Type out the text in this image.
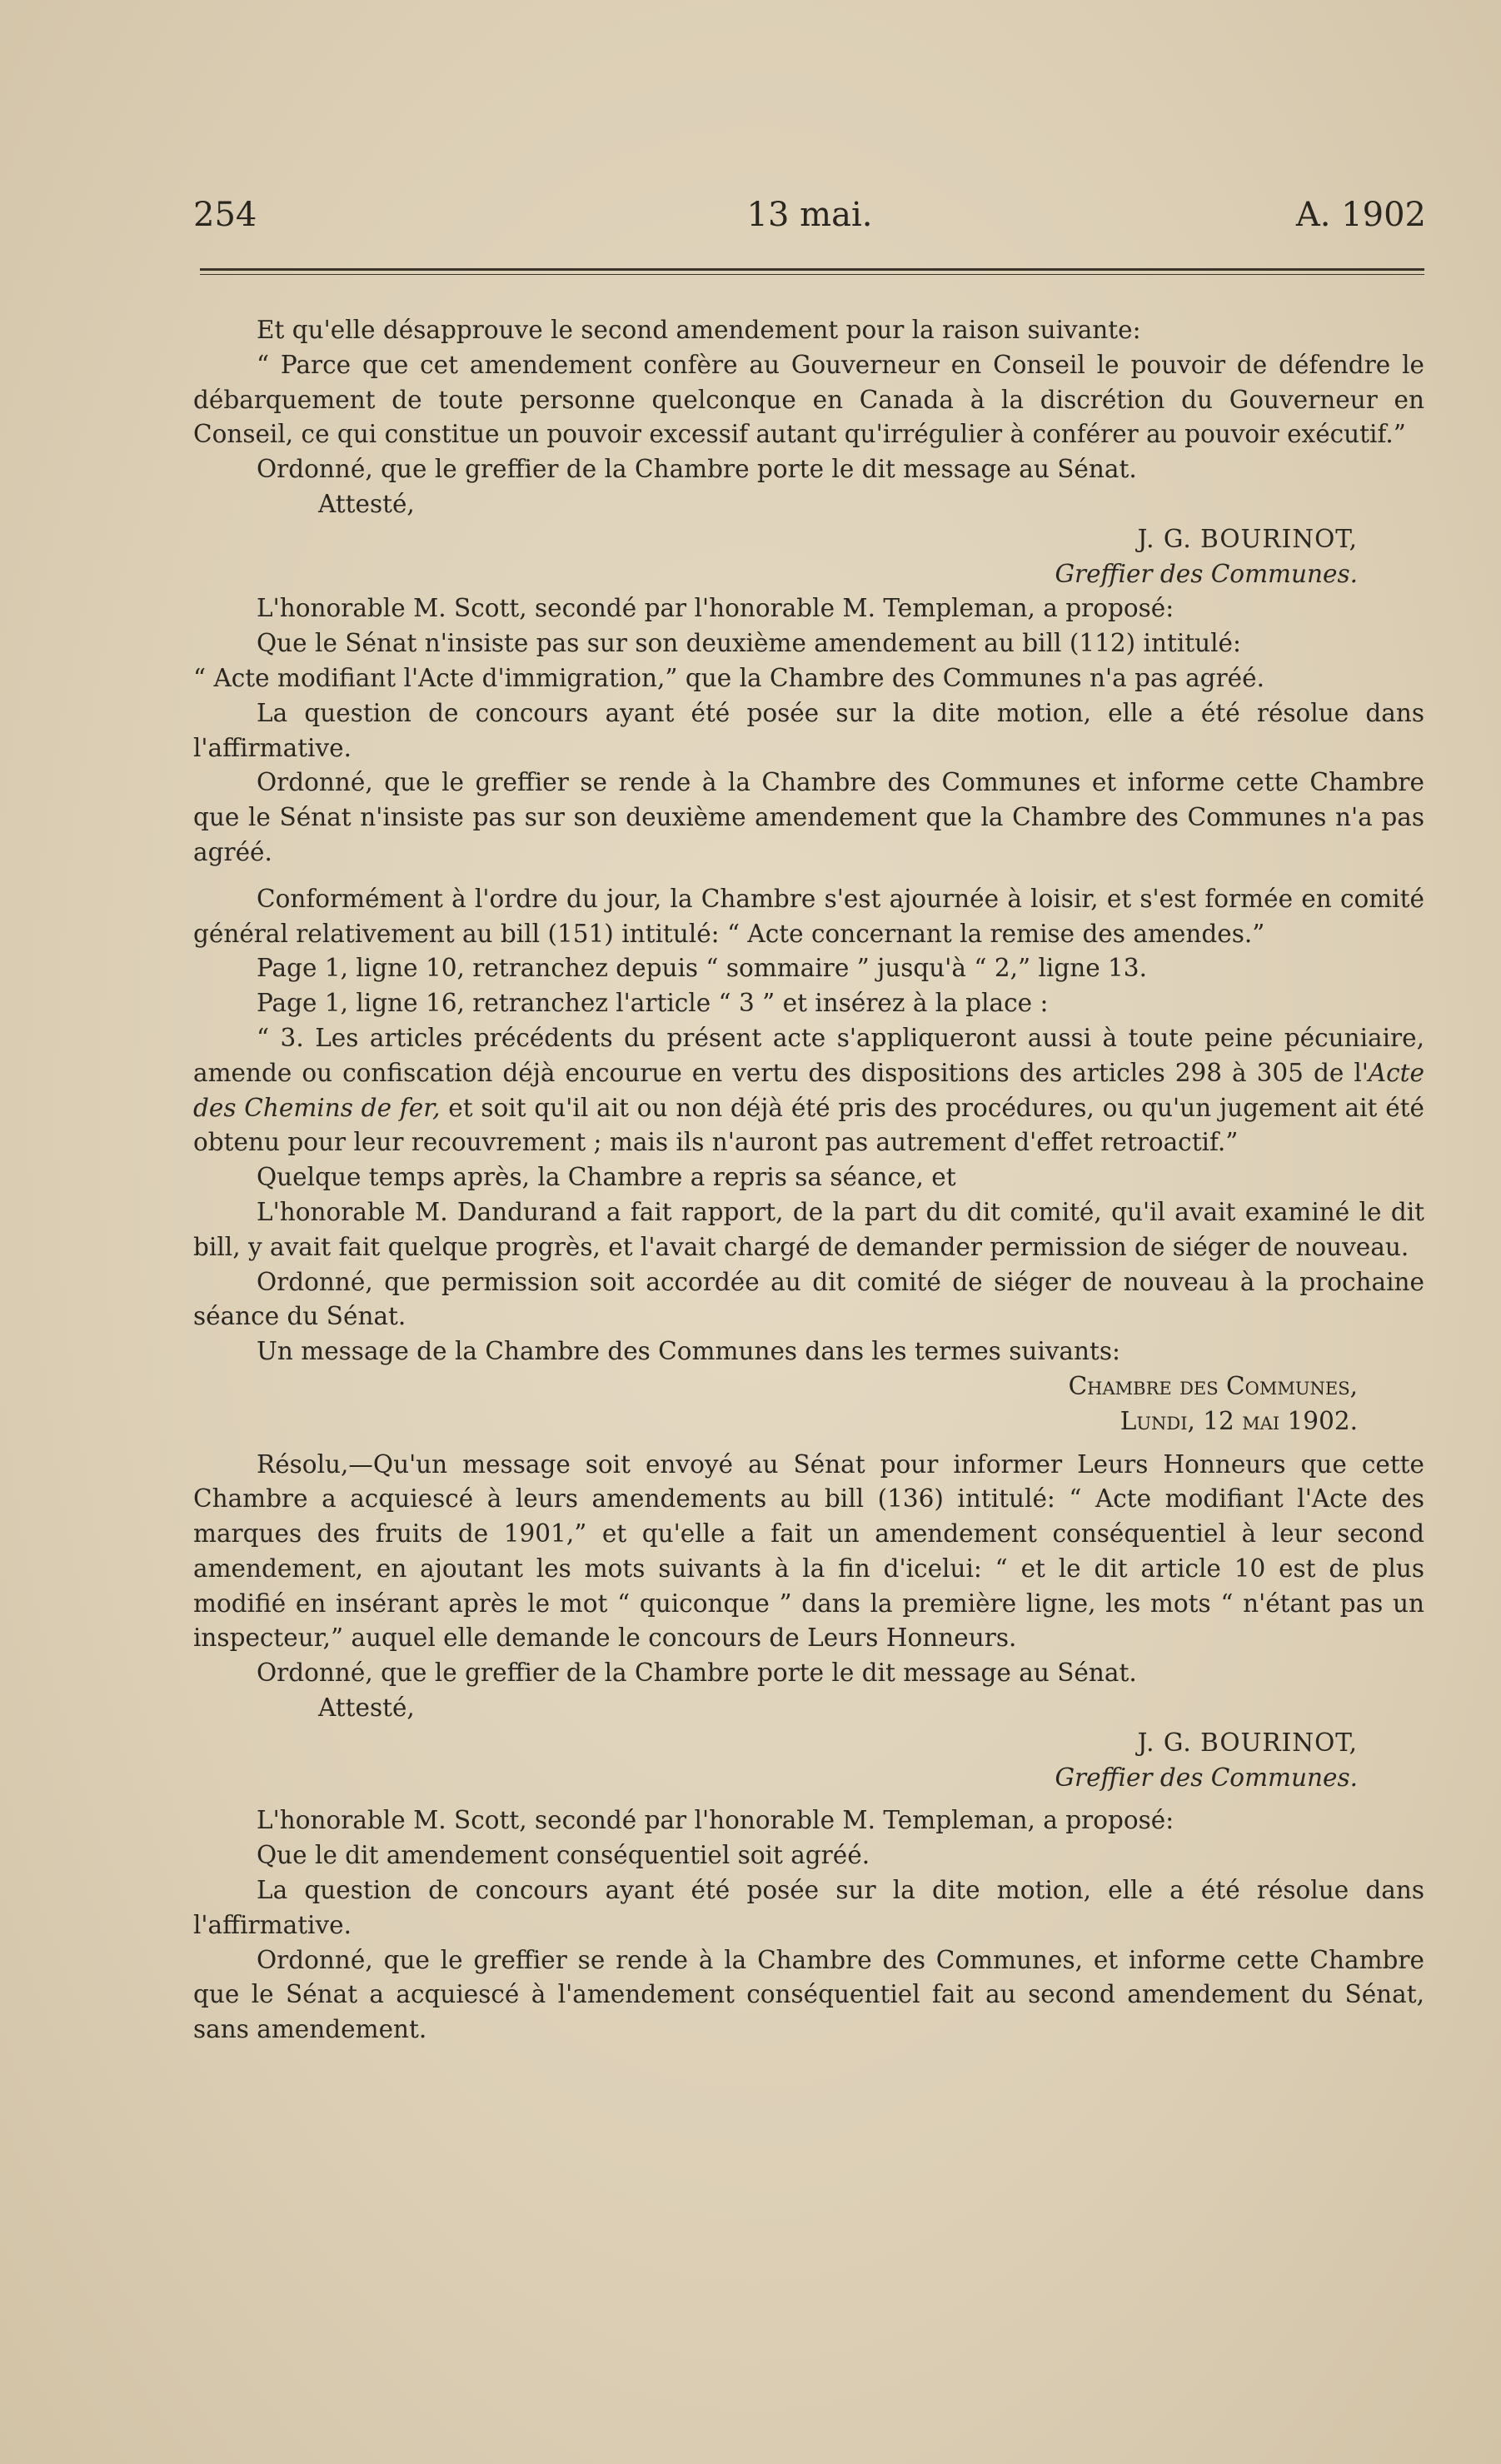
254	13 mai.	A. 1902

Et qu'elle désapprouve le second amendement pour la raison suivante:

“ Parce que cet amendement confère au Gouverneur en Conseil le pouvoir de défendre le débarquement de toute personne quelconque en Canada à la discrétion du Gouverneur en Conseil, ce qui constitue un pouvoir excessif autant qu'irrégulier à conférer au pouvoir exécutif.”

Ordonné, que le greffier de la Chambre porte le dit message au Sénat.

Attesté,

J. G. BOURINOT,

Greffier des Communes.

L'honorable M. Scott, secondé par l'honorable M. Templeman, a proposé:

Que le Sénat n'insiste pas sur son deuxième amendement au bill (112) intitulé:

“ Acte modifiant l'Acte d'immigration,” que la Chambre des Communes n'a pas agréé.

La question de concours ayant été posée sur la dite motion, elle a été résolue dans l'affirmative.

Ordonné, que le greffier se rende à la Chambre des Communes et informe cette Chambre que le Sénat n'insiste pas sur son deuxième amendement que la Chambre des Communes n'a pas agréé.

Conformément à l'ordre du jour, la Chambre s'est ajournée à loisir, et s'est formée en comité général relativement au bill (151) intitulé: “ Acte concernant la remise des amendes.”

Page 1, ligne 10, retranchez depuis “ sommaire ” jusqu'à “ 2,” ligne 13.

Page 1, ligne 16, retranchez l'article “ 3 ” et insérez à la place :

“ 3. Les articles précédents du présent acte s'appliqueront aussi à toute peine pécuniaire, amende ou confiscation déjà encourue en vertu des dispositions des articles 298 à 305 de l'Acte des Chemins de fer, et soit qu'il ait ou non déjà été pris des procédures, ou qu'un jugement ait été obtenu pour leur recouvrement ; mais ils n'auront pas autrement d'effet retroactif.”

Quelque temps après, la Chambre a repris sa séance, et

L'honorable M. Dandurand a fait rapport, de la part du dit comité, qu'il avait examiné le dit bill, y avait fait quelque progrès, et l'avait chargé de demander permission de siéger de nouveau.

Ordonné, que permission soit accordée au dit comité de siéger de nouveau à la prochaine séance du Sénat.

Un message de la Chambre des Communes dans les termes suivants:

Chambre des Communes,

Lundi, 12 mai 1902.

Résolu,—Qu'un message soit envoyé au Sénat pour informer Leurs Honneurs que cette Chambre a acquiescé à leurs amendements au bill (136) intitulé: “ Acte modifiant l'Acte des marques des fruits de 1901,” et qu'elle a fait un amendement conséquentiel à leur second amendement, en ajoutant les mots suivants à la fin d'icelui: “ et le dit article 10 est de plus modifié en insérant après le mot “ quiconque ” dans la première ligne, les mots “ n'étant pas un inspecteur,” auquel elle demande le concours de Leurs Honneurs.

Ordonné, que le greffier de la Chambre porte le dit message au Sénat.

Attesté,

J. G. BOURINOT,

Greffier des Communes.

L'honorable M. Scott, secondé par l'honorable M. Templeman, a proposé:

Que le dit amendement conséquentiel soit agréé.

La question de concours ayant été posée sur la dite motion, elle a été résolue dans l'affirmative.

Ordonné, que le greffier se rende à la Chambre des Communes, et informe cette Chambre que le Sénat a acquiescé à l'amendement conséquentiel fait au second amendement du Sénat, sans amendement.
